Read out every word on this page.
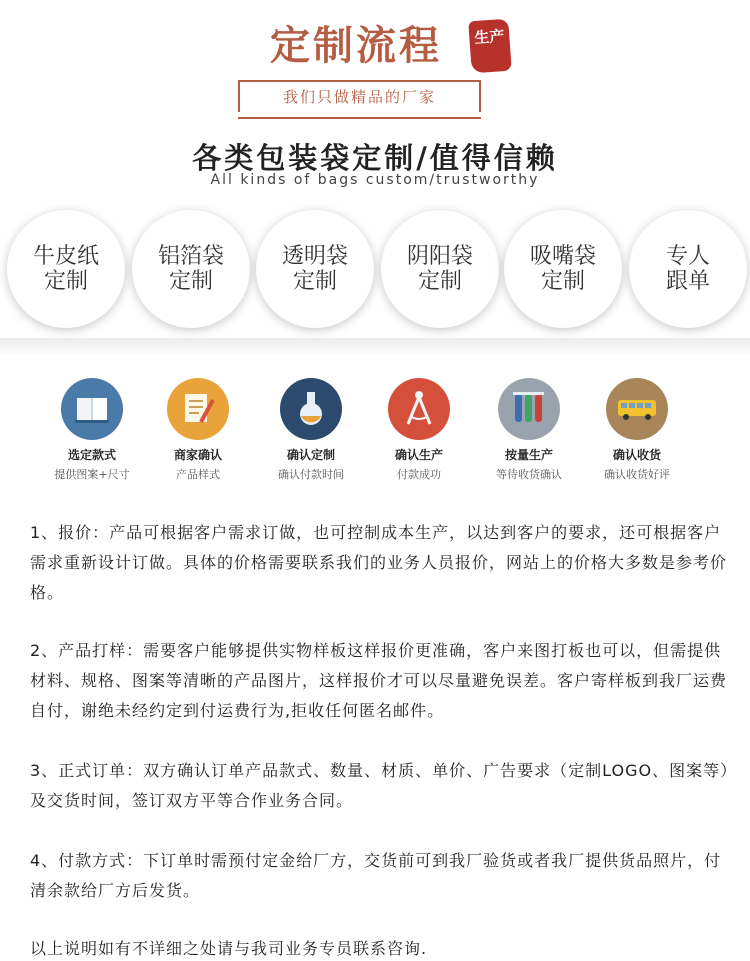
定制流程	生产
我们只做精品的厂家
各类包装袋定制/值得信赖
All kinds of bags custom/trustworthy
牛皮纸
定制
铝箔袋
定制
透明袋
定制
阴阳袋
定制
吸嘴袋
定制
专人
跟单
选定款式
提供图案+尺寸
商家确认
产品样式
确认定制
确认付款时间
确认生产
付款成功
按量生产
等待收货确认
确认收货
确认收货好评
1、报价：产品可根据客户需求订做，也可控制成本生产，以达到客户的要求，还可根据客户需求重新设计订做。具体的价格需要联系我们的业务人员报价，网站上的价格大多数是参考价格。
2、产品打样：需要客户能够提供实物样板这样报价更准确，客户来图打板也可以，但需提供材料、规格、图案等清晰的产品图片，这样报价才可以尽量避免误差。客户寄样板到我厂运费自付，谢绝未经约定到付运费行为,拒收任何匿名邮件。
3、正式订单：双方确认订单产品款式、数量、材质、单价、广告要求（定制LOGO、图案等）及交货时间，签订双方平等合作业务合同。
4、付款方式：下订单时需预付定金给厂方，交货前可到我厂验货或者我厂提供货品照片，付清余款给厂方后发货。
以上说明如有不详细之处请与我司业务专员联系咨询.
